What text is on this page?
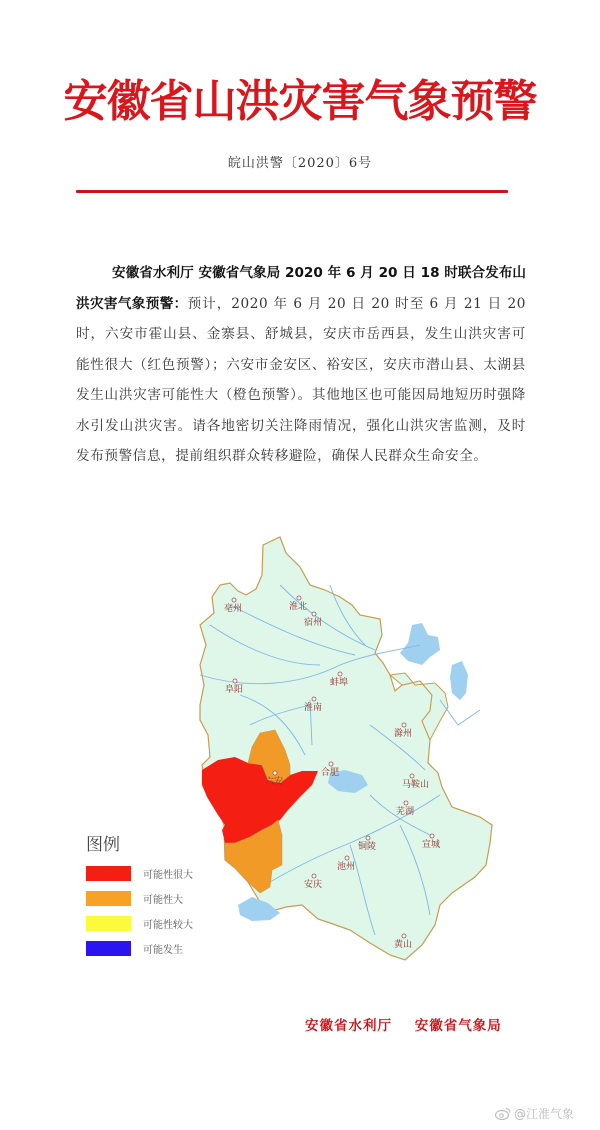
安徽省山洪灾害气象预警
皖山洪警〔2020〕6号
安徽省水利厅 安徽省气象局 2020 年 6 月 20 日 18 时联合发布山洪灾害气象预警：预计，2020 年 6 月 20 日 20 时至 6 月 21 日 20 时，六安市霍山县、金寨县、舒城县，安庆市岳西县，发生山洪灾害可能性很大（红色预警）；六安市金安区、裕安区，安庆市潜山县、太湖县发生山洪灾害可能性大（橙色预警）。其他地区也可能因局地短历时强降水引发山洪灾害。请各地密切关注降雨情况，强化山洪灾害监测，及时发布预警信息，提前组织群众转移避险，确保人民群众生命安全。
亳州	淮北
宿州
阜阳
蚌埠
淮南
滁州
六安
合肥
马鞍山
芜湖
铜陵	宣城
池州
安庆
黄山
图例
可能性很大
可能性大
可能性较大
可能发生
安徽省水利厅    安徽省气象局
@江淮气象
